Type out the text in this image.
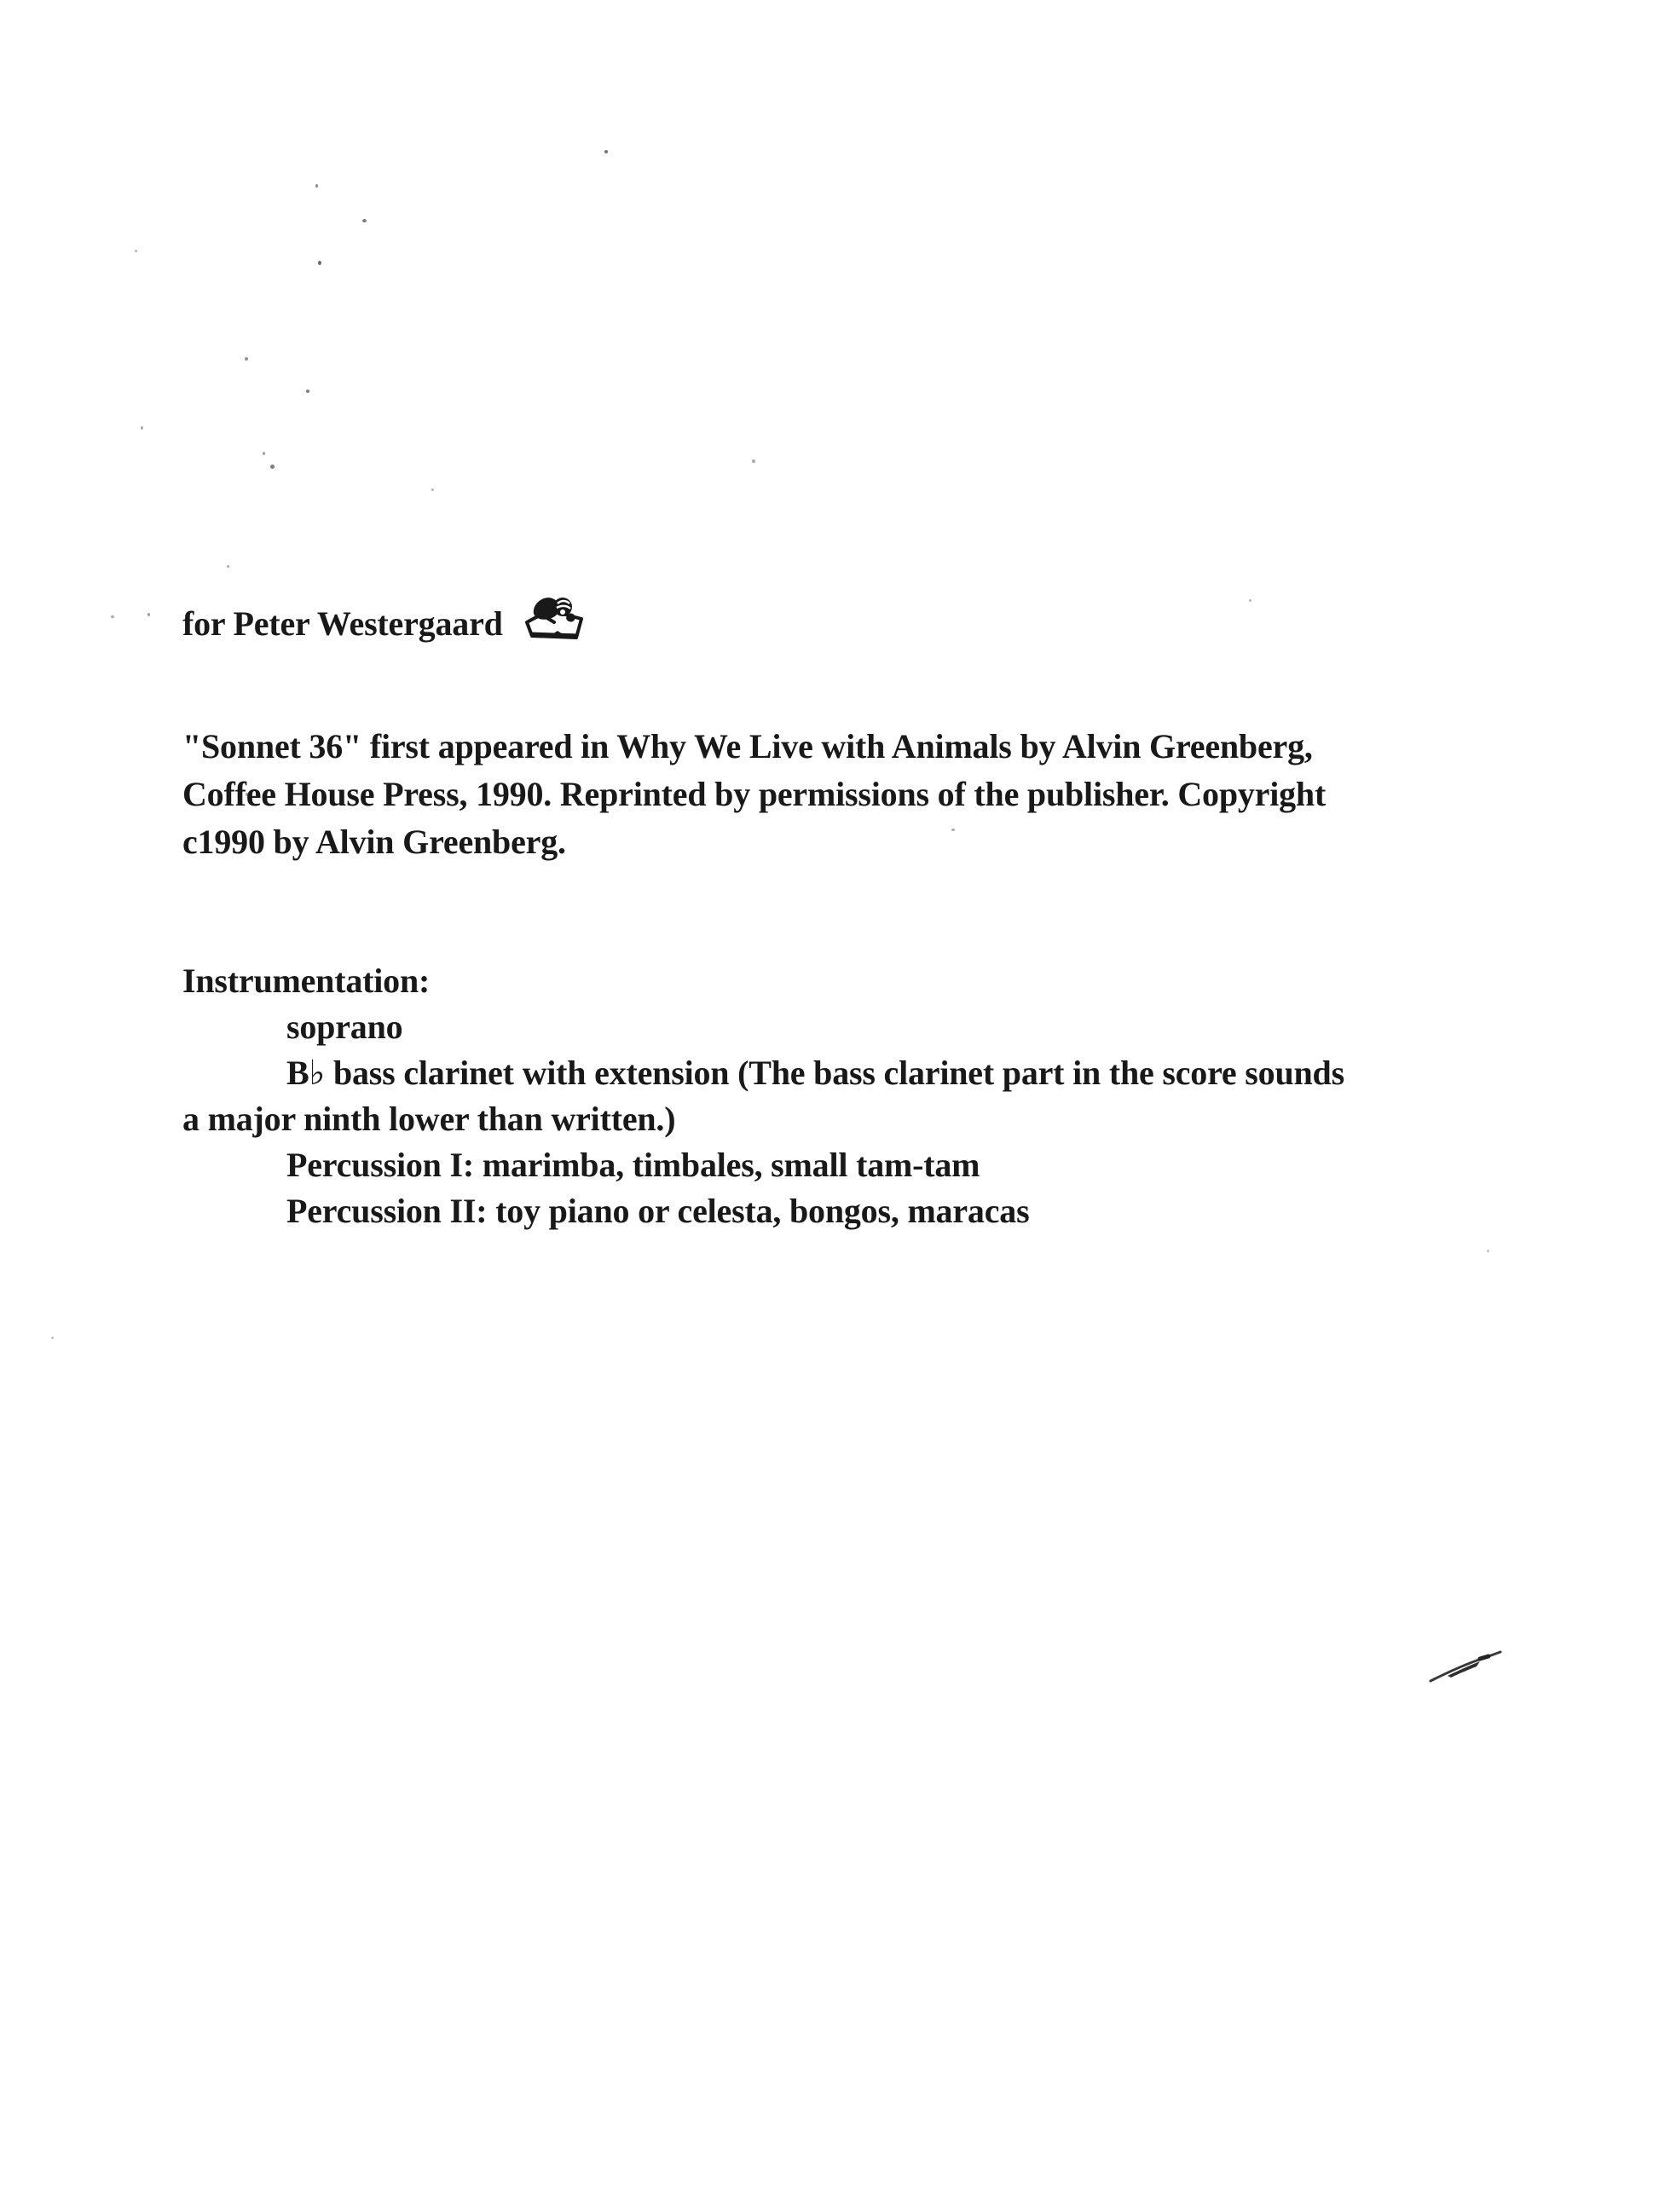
for Peter Westergaard
"Sonnet 36" first appeared in Why We Live with Animals by Alvin Greenberg,
Coffee House Press, 1990. Reprinted by permissions of the publisher. Copyright
c1990 by Alvin Greenberg.
Instrumentation:
soprano
B♭ bass clarinet with extension (The bass clarinet part in the score sounds
a major ninth lower than written.)
Percussion I: marimba, timbales, small tam-tam
Percussion II: toy piano or celesta, bongos, maracas
